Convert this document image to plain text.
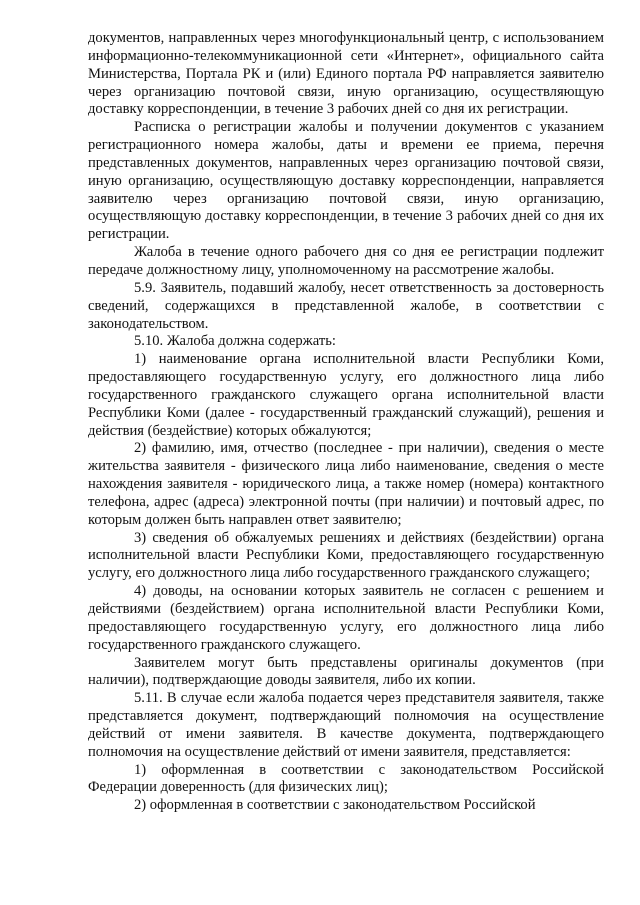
документов, направленных через многофункциональный центр, с использованием информационно-телекоммуникационной сети «Интернет», официального сайта Министерства, Портала РК и (или) Единого портала РФ направляется заявителю через организацию почтовой связи, иную организацию, осуществляющую доставку корреспонденции, в течение 3 рабочих дней со дня их регистрации.

Расписка о регистрации жалобы и получении документов с указанием регистрационного номера жалобы, даты и времени ее приема, перечня представленных документов, направленных через организацию почтовой связи, иную организацию, осуществляющую доставку корреспонденции, направляется заявителю через организацию почтовой связи, иную организацию, осуществляющую доставку корреспонденции, в течение 3 рабочих дней со дня их регистрации.

Жалоба в течение одного рабочего дня со дня ее регистрации подлежит передаче должностному лицу, уполномоченному на рассмотрение жалобы.

5.9. Заявитель, подавший жалобу, несет ответственность за достоверность сведений, содержащихся в представленной жалобе, в соответствии с законодательством.

5.10. Жалоба должна содержать:

1) наименование органа исполнительной власти Республики Коми, предоставляющего государственную услугу, его должностного лица либо государственного гражданского служащего органа исполнительной власти Республики Коми (далее - государственный гражданский служащий), решения и действия (бездействие) которых обжалуются;

2) фамилию, имя, отчество (последнее - при наличии), сведения о месте жительства заявителя - физического лица либо наименование, сведения о месте нахождения заявителя - юридического лица, а также номер (номера) контактного телефона, адрес (адреса) электронной почты (при наличии) и почтовый адрес, по которым должен быть направлен ответ заявителю;

3) сведения об обжалуемых решениях и действиях (бездействии) органа исполнительной власти Республики Коми, предоставляющего государственную услугу, его должностного лица либо государственного гражданского служащего;

4) доводы, на основании которых заявитель не согласен с решением и действиями (бездействием) органа исполнительной власти Республики Коми, предоставляющего государственную услугу, его должностного лица либо государственного гражданского служащего.

Заявителем могут быть представлены оригиналы документов (при наличии), подтверждающие доводы заявителя, либо их копии.

5.11. В случае если жалоба подается через представителя заявителя, также представляется документ, подтверждающий полномочия на осуществление действий от имени заявителя. В качестве документа, подтверждающего полномочия на осуществление действий от имени заявителя, представляется:

1) оформленная в соответствии с законодательством Российской Федерации доверенность (для физических лиц);

2) оформленная в соответствии с законодательством Российской
